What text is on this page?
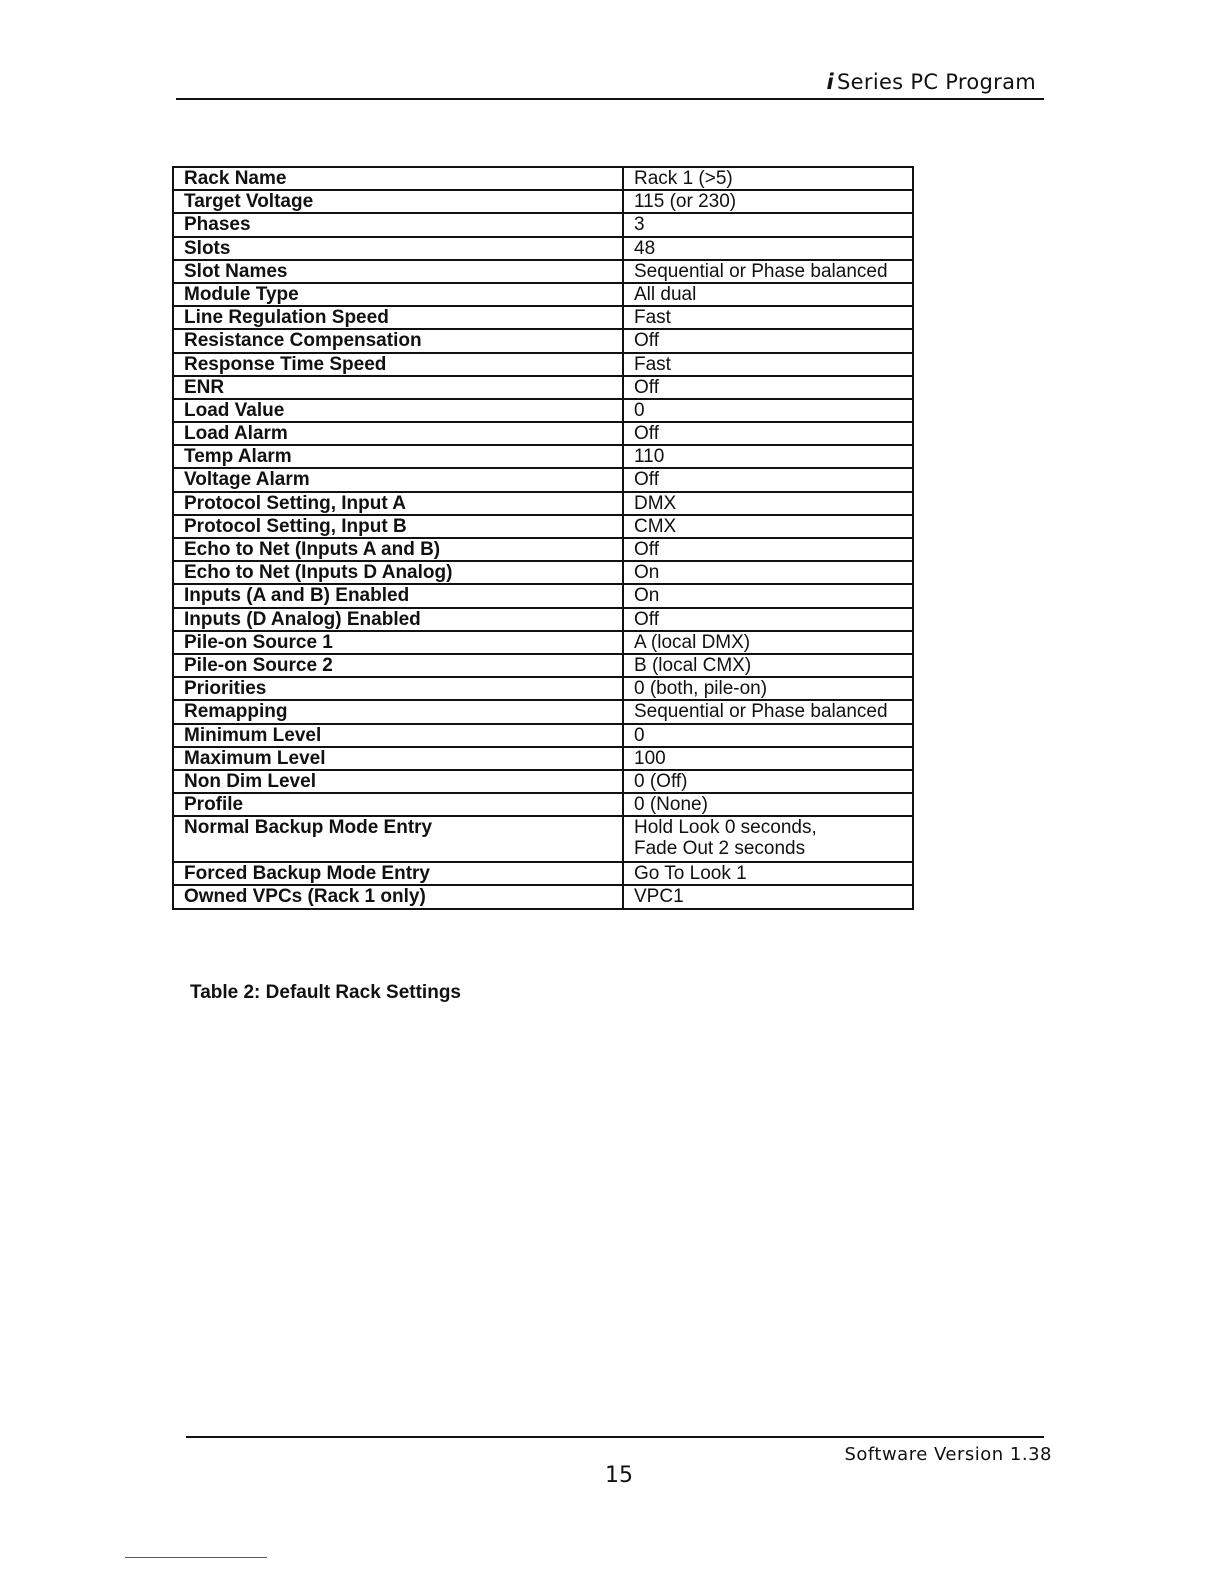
i Series PC Program
Rack Name	Rack 1 (>5)
Target Voltage	115 (or 230)
Phases	3
Slots	48
Slot Names	Sequential or Phase balanced
Module Type	All dual
Line Regulation Speed	Fast
Resistance Compensation	Off
Response Time Speed	Fast
ENR	Off
Load Value	0
Load Alarm	Off
Temp Alarm	110
Voltage Alarm	Off
Protocol Setting, Input A	DMX
Protocol Setting, Input B	CMX
Echo to Net (Inputs A and B)	Off
Echo to Net (Inputs D Analog)	On
Inputs (A and B) Enabled	On
Inputs (D Analog) Enabled	Off
Pile-on Source 1	A (local DMX)
Pile-on Source 2	B (local CMX)
Priorities	0 (both, pile-on)
Remapping	Sequential or Phase balanced
Minimum Level	0
Maximum Level	100
Non Dim Level	0 (Off)
Profile	0 (None)
Normal Backup Mode Entry	Hold Look 0 seconds,
Fade Out 2 seconds

Forced Backup Mode Entry	Go To Look 1
Owned VPCs (Rack 1 only)	VPC1
Table 2: Default Rack Settings
Software Version 1.38
15
